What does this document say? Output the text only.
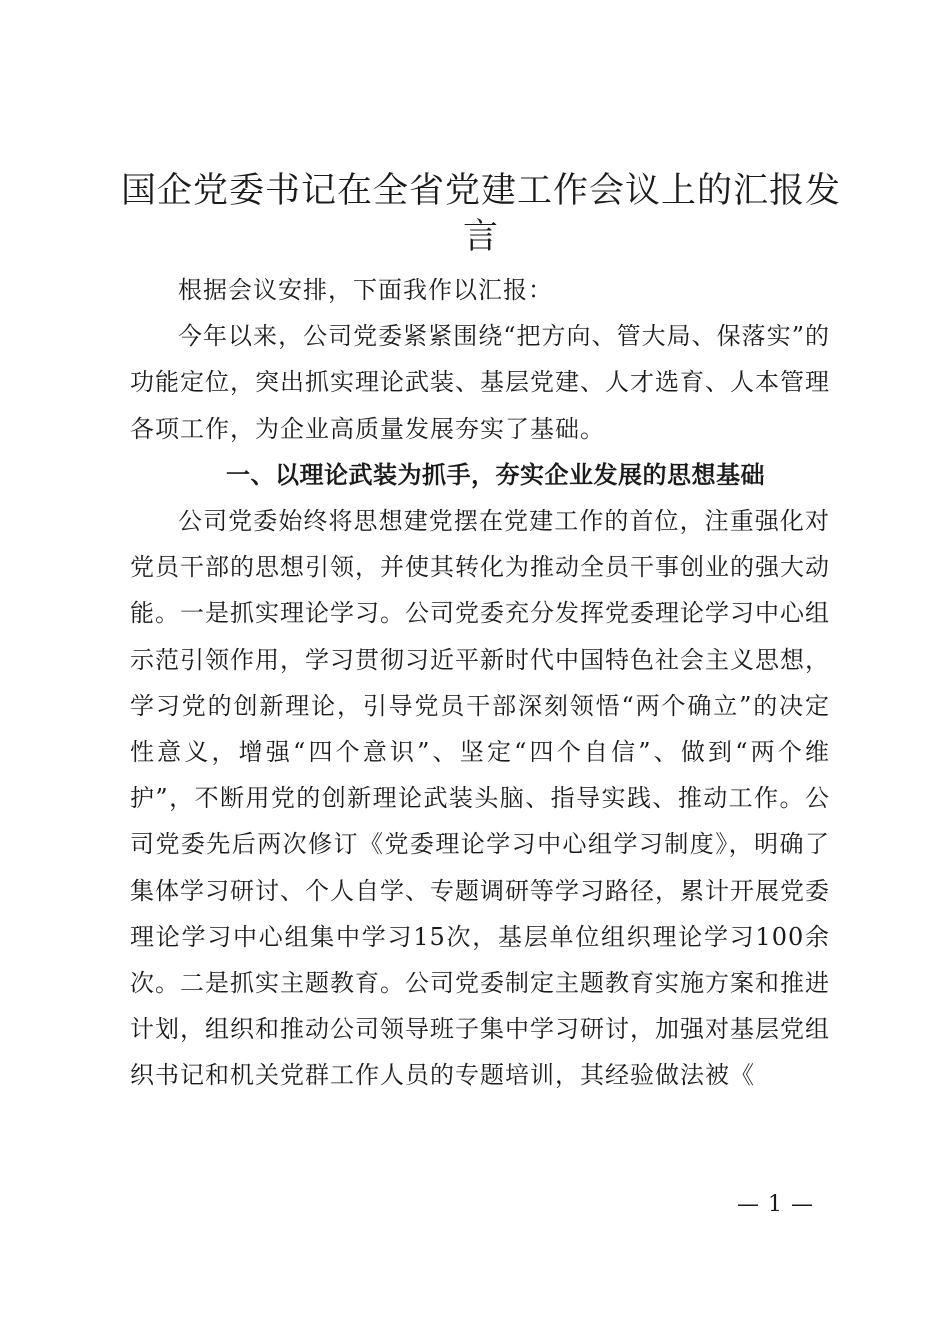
国企党委书记在全省党建工作会议上的汇报发言

根据会议安排，下面我作以汇报：

今年以来，公司党委紧紧围绕“把方向、管大局、保落实”的功能定位，突出抓实理论武装、基层党建、人才选育、人本管理各项工作，为企业高质量发展夯实了基础。

一、以理论武装为抓手，夯实企业发展的思想基础

公司党委始终将思想建党摆在党建工作的首位，注重强化对党员干部的思想引领，并使其转化为推动全员干事创业的强大动能。一是抓实理论学习。公司党委充分发挥党委理论学习中心组示范引领作用，学习贯彻习近平新时代中国特色社会主义思想，学习党的创新理论，引导党员干部深刻领悟“两个确立”的决定性意义，增强“四个意识”、坚定“四个自信”、做到“两个维护”，不断用党的创新理论武装头脑、指导实践、推动工作。公司党委先后两次修订《党委理论学习中心组学习制度》，明确了集体学习研讨、个人自学、专题调研等学习路径，累计开展党委理论学习中心组集中学习15次，基层单位组织理论学习100余次。二是抓实主题教育。公司党委制定主题教育实施方案和推进计划，组织和推动公司领导班子集中学习研讨，加强对基层党组织书记和机关党群工作人员的专题培训，其经验做法被《

— 1 —
